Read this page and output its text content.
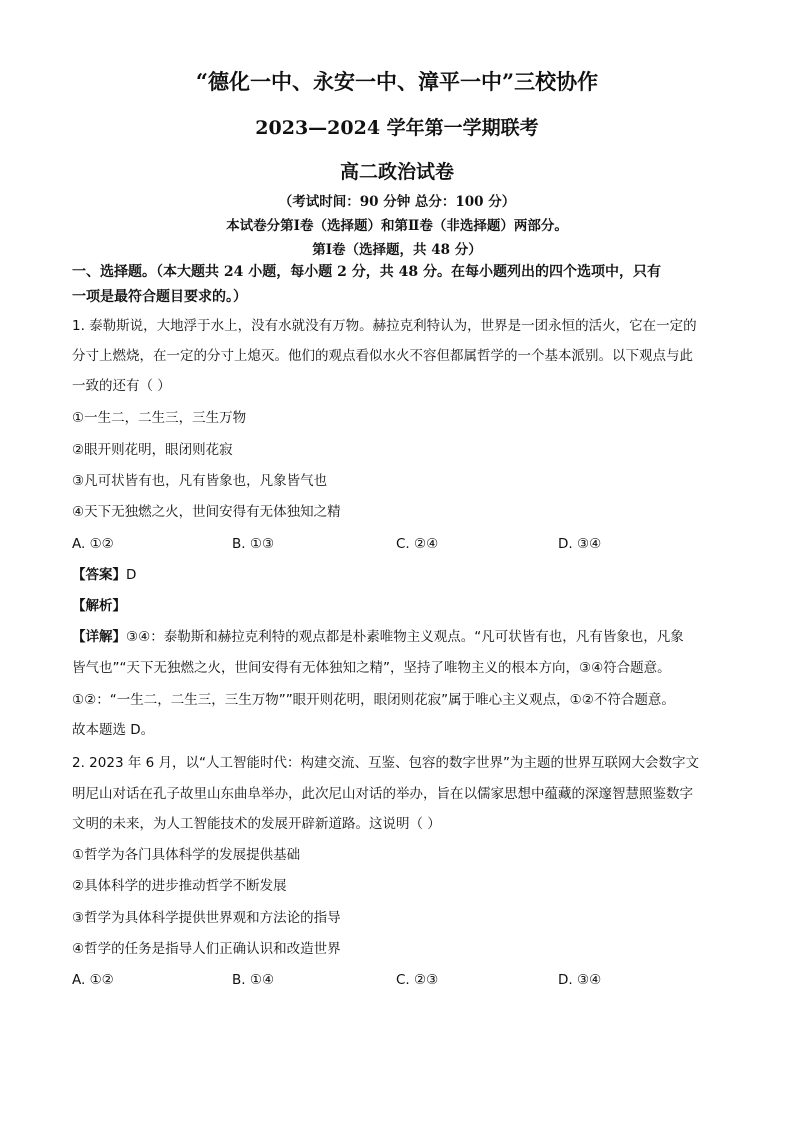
“德化一中、永安一中、漳平一中”三校协作
2023—2024 学年第一学期联考
高二政治试卷
（考试时间：90 分钟 总分：100 分）
本试卷分第Ⅰ卷（选择题）和第Ⅱ卷（非选择题）两部分。
第Ⅰ卷（选择题，共 48 分）
一、选择题。（本大题共 24 小题，每小题 2 分，共 48 分。在每小题列出的四个选项中，只有
一项是最符合题目要求的。）
1. 泰勒斯说，大地浮于水上，没有水就没有万物。赫拉克利特认为，世界是一团永恒的活火，它在一定的
分寸上燃烧，在一定的分寸上熄灭。他们的观点看似水火不容但都属哲学的一个基本派别。以下观点与此
一致的还有（ ）
①一生二，二生三，三生万物
②眼开则花明，眼闭则花寂
③凡可状皆有也，凡有皆象也，凡象皆气也
④天下无独燃之火，世间安得有无体独知之精
A. ①②	B. ①③	C. ②④	D. ③④
【答案】D
【解析】
【详解】③④：泰勒斯和赫拉克利特的观点都是朴素唯物主义观点。“凡可状皆有也，凡有皆象也，凡象
皆气也”“天下无独燃之火，世间安得有无体独知之精”，坚持了唯物主义的根本方向，③④符合题意。
①②：“一生二，二生三，三生万物””眼开则花明，眼闭则花寂”属于唯心主义观点，①②不符合题意。
故本题选 D。
2. 2023 年 6 月，以“人工智能时代：构建交流、互鉴、包容的数字世界”为主题的世界互联网大会数字文
明尼山对话在孔子故里山东曲阜举办，此次尼山对话的举办，旨在以儒家思想中蕴藏的深邃智慧照鉴数字
文明的未来，为人工智能技术的发展开辟新道路。这说明（ ）
①哲学为各门具体科学的发展提供基础
②具体科学的进步推动哲学不断发展
③哲学为具体科学提供世界观和方法论的指导
④哲学的任务是指导人们正确认识和改造世界
A. ①②	B. ①④	C. ②③	D. ③④
